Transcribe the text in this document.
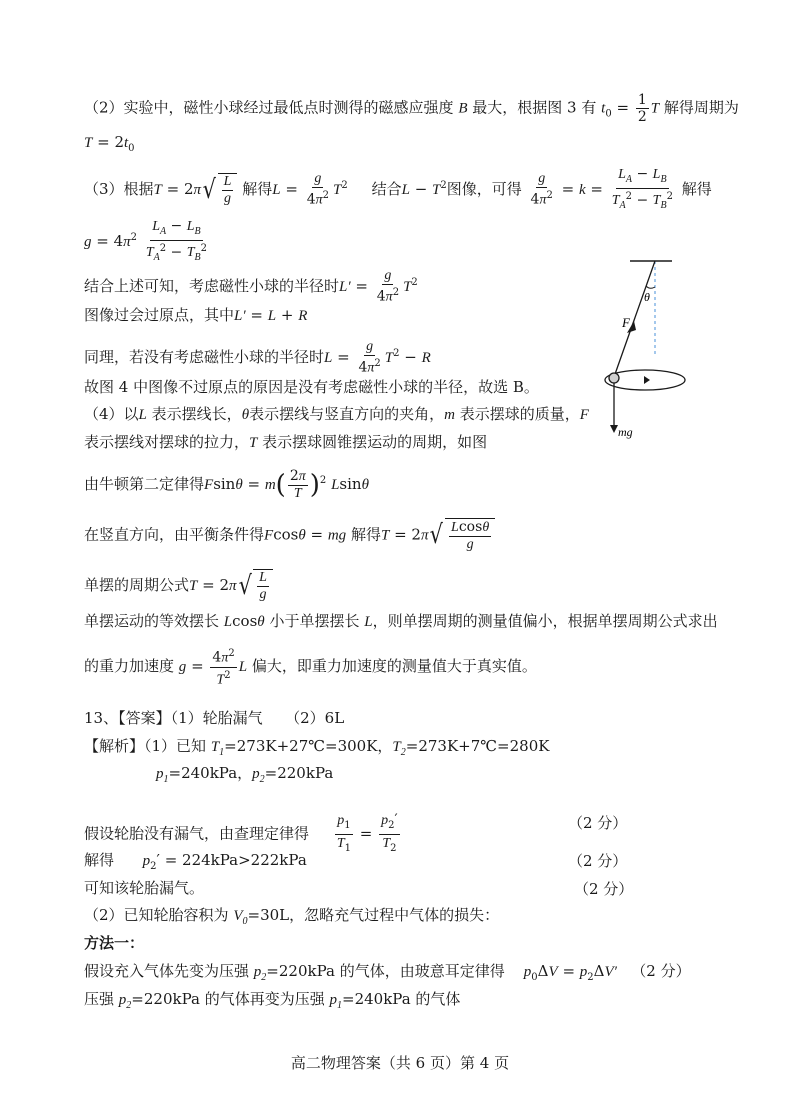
（2）实验中，磁性小球经过最低点时测得的磁感应强度 B 最大，根据图 3 有 $t_0 = \frac{1}{2}$ T 解得周期为
$T = 2t_0$
（3）根据T = 2π √ $\frac{L}{g}$ 解得$L = \frac{g}{4\pi^2} T^2$ 结合$L - T^2$图像，可得 $\frac{g}{4\pi^2} = k = \frac{L_A - L_B}{T_A^2 - T_B^2}$ 解得
$g = 4\pi^2 \frac{L_A - L_B}{T_A^2 - T_B^2}$
结合上述可知，考虑磁性小球的半径时$L' = \frac{g}{4\pi^2} T^2$
图像过会过原点，其中L′ = L + R
同理，若没有考虑磁性小球的半径时$L = \frac{g}{4\pi^2} T^2 - R$
故图 4 中图像不过原点的原因是没有考虑磁性小球的半径，故选 B。
（4）以L 表示摆线长，θ表示摆线与竖直方向的夹角，m 表示摆球的质量，F
表示摆线对摆球的拉力，T 表示摆球圆锥摆运动的周期，如图
由牛顿第二定律得$Fsin\theta = m( \frac{2\pi}{T} )^2$ Lsinθ
在竖直方向，由平衡条件得Fcosθ = mg 解得T = 2π √ $\frac{Lcos\theta}{g}$
单摆的周期公式T = 2π √ $\frac{L}{g}$
单摆运动的等效摆长 Lcosθ 小于单摆摆长 L，则单摆周期的测量值偏小，根据单摆周期公式求出
的重力加速度 $g = \frac{4\pi^2}{T^2}$ L 偏大，即重力加速度的测量值大于真实值。
13、【答案】（1）轮胎漏气　　（2）6L
【解析】（1）已知 $T_1=273K+27℃=300K$，$T_2=273K+7℃=280K$
$p_1=240kPa$，$p_2=220kPa$
假设轮胎没有漏气，由查理定律得 $\frac{p_1}{T_1} = \frac{p_2'}{T_2}$	（2 分）
解得 $p_2' = 224kPa>222kPa$	（2 分）
可知该轮胎漏气。	（2 分）
（2）已知轮胎容积为 $V_0=30L$，忽略充气过程中气体的损失：
方法一：
假设充入气体先变为压强 $p_2=220kPa$ 的气体，由玻意耳定律得 $p_0\Delta V = p_2\Delta V'$ （2 分）
压强 $p_2=220kPa$ 的气体再变为压强 $p_1=240kPa$ 的气体
θ
F
mg
高二物理答案（共 6 页）第 4 页
